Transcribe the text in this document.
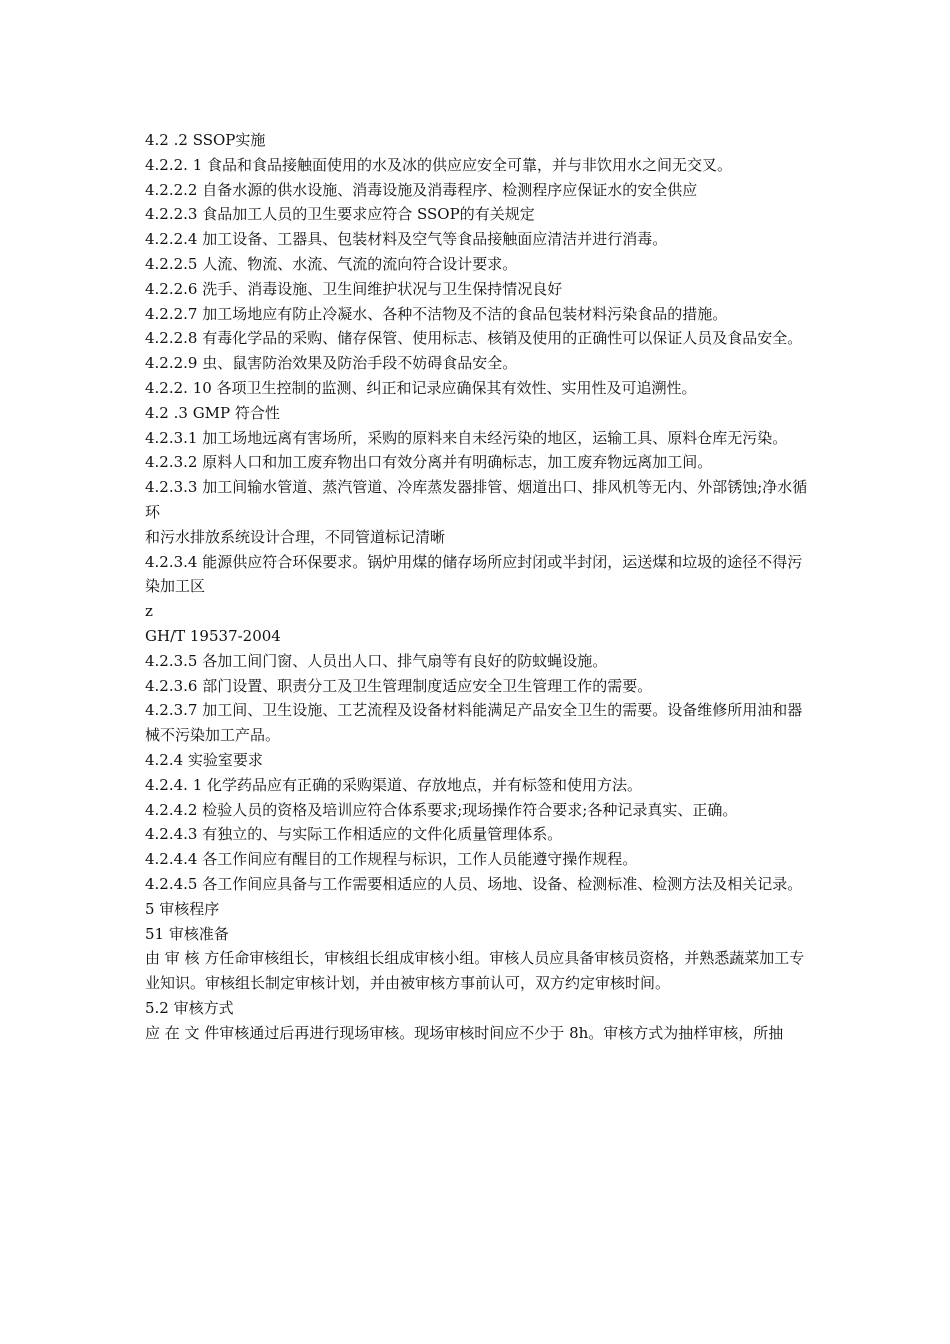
4.2 .2 SSOP实施

4.2.2. 1 食品和食品接触面使用的水及冰的供应应安全可靠，并与非饮用水之间无交叉。

4.2.2.2 自备水源的供水设施、消毒设施及消毒程序、检测程序应保证水的安全供应

4.2.2.3 食品加工人员的卫生要求应符合 SSOP的有关规定

4.2.2.4 加工设备、工器具、包装材料及空气等食品接触面应清洁并进行消毒。

4.2.2.5 人流、物流、水流、气流的流向符合设计要求。

4.2.2.6 洗手、消毒设施、卫生间维护状况与卫生保持情况良好

4.2.2.7 加工场地应有防止冷凝水、各种不洁物及不洁的食品包装材料污染食品的措施。

4.2.2.8 有毒化学品的采购、储存保管、使用标志、核销及使用的正确性可以保证人员及食品安全。

4.2.2.9 虫、鼠害防治效果及防治手段不妨碍食品安全。

4.2.2. 10 各项卫生控制的监测、纠正和记录应确保其有效性、实用性及可追溯性。

4.2 .3 GMP 符合性

4.2.3.1 加工场地远离有害场所，采购的原料来自未经污染的地区，运输工具、原料仓库无污染。

4.2.3.2 原料人口和加工废弃物出口有效分离并有明确标志，加工废弃物远离加工间。

4.2.3.3 加工间输水管道、蒸汽管道、冷库蒸发器排管、烟道出口、排风机等无内、外部锈蚀;净水循环

和污水排放系统设计合理，不同管道标记清晰

4.2.3.4 能源供应符合环保要求。锅炉用煤的储存场所应封闭或半封闭，运送煤和垃圾的途径不得污

染加工区

z

GH/T 19537-2004

4.2.3.5 各加工间门窗、人员出人口、排气扇等有良好的防蚊蝇设施。

4.2.3.6 部门设置、职责分工及卫生管理制度适应安全卫生管理工作的需要。

4.2.3.7 加工间、卫生设施、工艺流程及设备材料能满足产品安全卫生的需要。设备维修所用油和器

械不污染加工产品。

4.2.4 实验室要求

4.2.4. 1 化学药品应有正确的采购渠道、存放地点，并有标签和使用方法。

4.2.4.2 检验人员的资格及培训应符合体系要求;现场操作符合要求;各种记录真实、正确。

4.2.4.3 有独立的、与实际工作相适应的文件化质量管理体系。

4.2.4.4 各工作间应有醒目的工作规程与标识，工作人员能遵守操作规程。

4.2.4.5 各工作间应具备与工作需要相适应的人员、场地、设备、检测标准、检测方法及相关记录。

5 审核程序

51 审核准备

由 审 核 方任命审核组长，审核组长组成审核小组。审核人员应具备审核员资格，并熟悉蔬菜加工专

业知识。审核组长制定审核计划，并由被审核方事前认可，双方约定审核时间。

5.2 审核方式

应 在 文 件审核通过后再进行现场审核。现场审核时间应不少于 8h。审核方式为抽样审核，所抽
